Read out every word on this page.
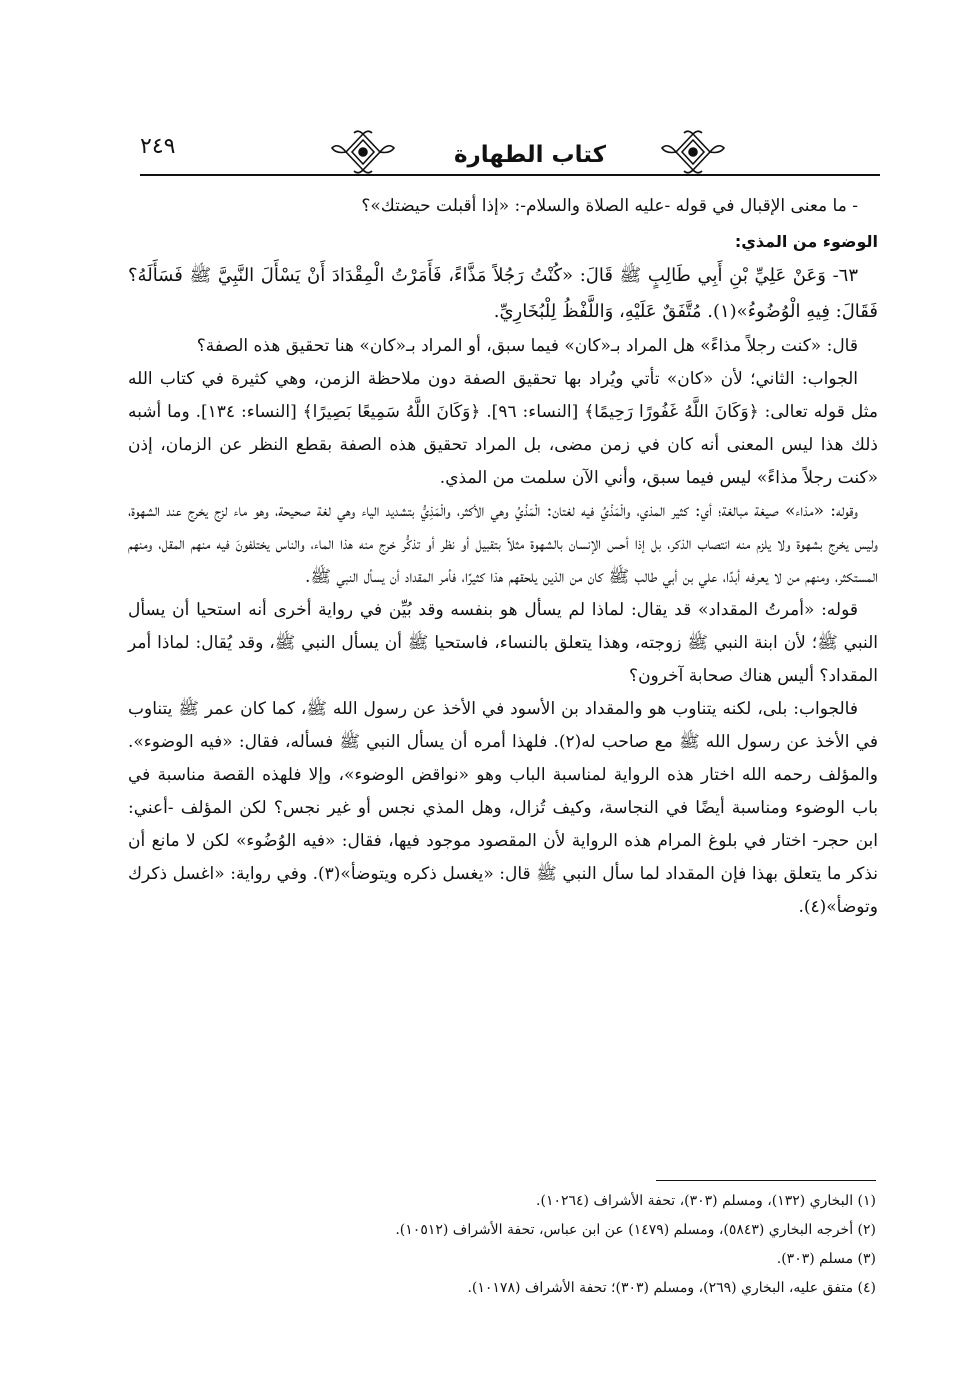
٢٤٩	كتاب الطهارة

- ما معنى الإقبال في قوله -عليه الصلاة والسلام-: «إذا أقبلت حيضتك»؟

الوضوء من المذي:

٦٣- وَعَنْ عَلِيِّ بْنِ أَبِي طَالِبٍ ﷺ قَالَ: «كُنْتُ رَجُلاً مَذَّاءً، فَأَمَرْتُ الْمِقْدَادَ أَنْ يَسْأَلَ النَّبِيَّ ﷺ فَسَأَلَهُ؟ فَقَالَ: فِيهِ الْوُضُوءُ»(١). مُتَّفَقٌ عَلَيْهِ، وَاللَّفْظُ لِلْبُخَارِيِّ.

قال: «كنت رجلاً مذاءً» هل المراد بـ«كان» فيما سبق، أو المراد بـ«كان» هنا تحقيق هذه الصفة؟

الجواب: الثاني؛ لأن «كان» تأتي ويُراد بها تحقيق الصفة دون ملاحظة الزمن، وهي كثيرة في كتاب الله مثل قوله تعالى: ﴿وَكَانَ اللَّهُ غَفُورًا رَحِيمًا﴾ [النساء: ٩٦]. ﴿وَكَانَ اللَّهُ سَمِيعًا بَصِيرًا﴾ [النساء: ١٣٤]. وما أشبه ذلك هذا ليس المعنى أنه كان في زمن مضى، بل المراد تحقيق هذه الصفة بقطع النظر عن الزمان، إذن «كنت رجلاً مذاءً» ليس فيما سبق، وأني الآن سلمت من المذي.

وقوله: «مذاء» صيغة مبالغة؛ أي: كثير المذي، والْمَذْيُ فيه لغتان: الْمَذْيُ وهي الأكثر، والْمَذِيُّ بتشديد الياء وهي لغة صحيحة، وهو ماء لزج يخرج عند الشهوة، وليس يخرج بشهوة ولا يلزم منه انتصاب الذكر، بل إذا أحس الإنسان بالشهوة مثلاً بتقبيل أو نظر أو تذكُّر خرج منه هذا الماء، والناس يختلفونَ فيه منهم المقل، ومنهم المستكثر، ومنهم من لا يعرفه أبدًا، علي بن أبي طالب ﷺ كان من الذين يلحقهم هذا كثيرًا، فأمر المقداد أن يسأل النبي ﷺ.

قوله: «أمرتُ المقداد» قد يقال: لماذا لم يسأل هو بنفسه وقد بُيِّن في رواية أخرى أنه استحيا أن يسأل النبي ﷺ؛ لأن ابنة النبي ﷺ زوجته، وهذا يتعلق بالنساء، فاستحيا ﷺ أن يسأل النبي ﷺ، وقد يُقال: لماذا أمر المقداد؟ أليس هناك صحابة آخرون؟

فالجواب: بلى، لكنه يتناوب هو والمقداد بن الأسود في الأخذ عن رسول الله ﷺ، كما كان عمر ﷺ يتناوب في الأخذ عن رسول الله ﷺ مع صاحب له(٢). فلهذا أمره أن يسأل النبي ﷺ فسأله، فقال: «فيه الوضوء». والمؤلف رحمه الله اختار هذه الرواية لمناسبة الباب وهو «نواقض الوضوء»، وإلا فلهذه القصة مناسبة في باب الوضوء ومناسبة أيضًا في النجاسة، وكيف تُزال، وهل المذي نجس أو غير نجس؟ لكن المؤلف -أعني: ابن حجر- اختار في بلوغ المرام هذه الرواية لأن المقصود موجود فيها، فقال: «فيه الوُضُوء» لكن لا مانع أن نذكر ما يتعلق بهذا فإن المقداد لما سأل النبي ﷺ قال: «يغسل ذكره ويتوضأ»(٣). وفي رواية: «اغسل ذكرك وتوضأ»(٤).

(١) البخاري (١٣٢)، ومسلم (٣٠٣)، تحفة الأشراف (١٠٢٦٤).

(٢) أخرجه البخاري (٥٨٤٣)، ومسلم (١٤٧٩) عن ابن عباس، تحفة الأشراف (١٠٥١٢).

(٣) مسلم (٣٠٣).

(٤) متفق عليه، البخاري (٢٦٩)، ومسلم (٣٠٣)؛ تحفة الأشراف (١٠١٧٨).
